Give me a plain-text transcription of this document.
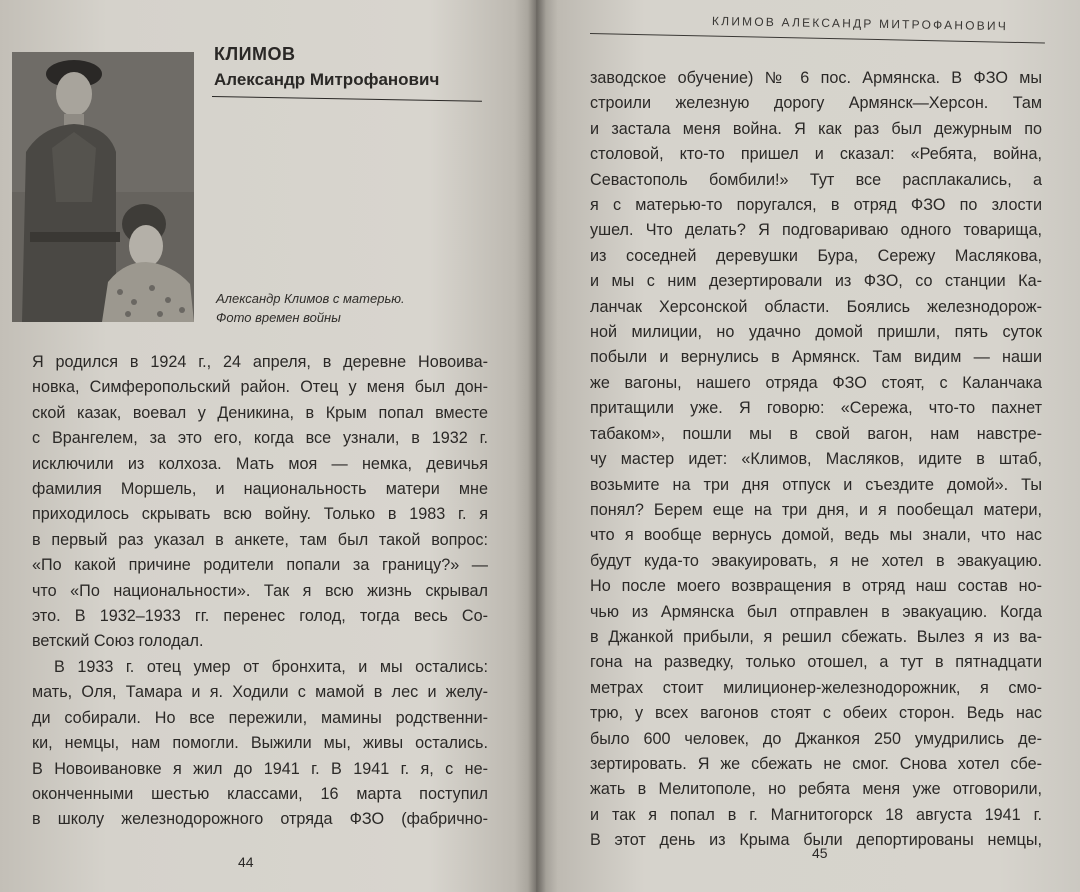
КЛИМОВ
Александр Митрофанович
Александр Климов с матерью.
Фото времен войны
Я родился в 1924 г., 24 апреля, в деревне Новоива-
новка, Симферопольский район. Отец у меня был дон-
ской казак, воевал у Деникина, в Крым попал вместе
с Врангелем, за это его, когда все узнали, в 1932 г.
исключили из колхоза. Мать моя — немка, девичья
фамилия Моршель, и национальность матери мне
приходилось скрывать всю войну. Только в 1983 г. я
в первый раз указал в анкете, там был такой вопрос:
«По какой причине родители попали за границу?» —
что «По национальности». Так я всю жизнь скрывал
это. В 1932–1933 гг. перенес голод, тогда весь Со-
ветский Союз голодал.
В 1933 г. отец умер от бронхита, и мы остались:
мать, Оля, Тамара и я. Ходили с мамой в лес и желу-
ди собирали. Но все пережили, мамины родственни-
ки, немцы, нам помогли. Выжили мы, живы остались.
В Новоивановке я жил до 1941 г. В 1941 г. я, с не-
оконченными шестью классами, 16 марта поступил
в школу железнодорожного отряда ФЗО (фабрично-
44
КЛИМОВ АЛЕКСАНДР МИТРОФАНОВИЧ
заводское обучение) № 6 пос. Армянска. В ФЗО мы
строили железную дорогу Армянск—Херсон. Там
и застала меня война. Я как раз был дежурным по
столовой, кто-то пришел и сказал: «Ребята, война,
Севастополь бомбили!» Тут все расплакались, а
я с матерью-то поругался, в отряд ФЗО по злости
ушел. Что делать? Я подговариваю одного товарища,
из соседней деревушки Бура, Сережу Маслякова,
и мы с ним дезертировали из ФЗО, со станции Ка-
ланчак Херсонской области. Боялись железнодорож-
ной милиции, но удачно домой пришли, пять суток
побыли и вернулись в Армянск. Там видим — наши
же вагоны, нашего отряда ФЗО стоят, с Каланчака
притащили уже. Я говорю: «Сережа, что-то пахнет
табаком», пошли мы в свой вагон, нам навстре-
чу мастер идет: «Климов, Масляков, идите в штаб,
возьмите на три дня отпуск и съездите домой». Ты
понял? Берем еще на три дня, и я пообещал матери,
что я вообще вернусь домой, ведь мы знали, что нас
будут куда-то эвакуировать, я не хотел в эвакуацию.
Но после моего возвращения в отряд наш состав но-
чью из Армянска был отправлен в эвакуацию. Когда
в Джанкой прибыли, я решил сбежать. Вылез я из ва-
гона на разведку, только отошел, а тут в пятнадцати
метрах стоит милиционер-железнодорожник, я смо-
трю, у всех вагонов стоят с обеих сторон. Ведь нас
было 600 человек, до Джанкоя 250 умудрились де-
зертировать. Я же сбежать не смог. Снова хотел сбе-
жать в Мелитополе, но ребята меня уже отговорили,
и так я попал в г. Магнитогорск 18 августа 1941 г.
В этот день из Крыма были депортированы немцы,
45
